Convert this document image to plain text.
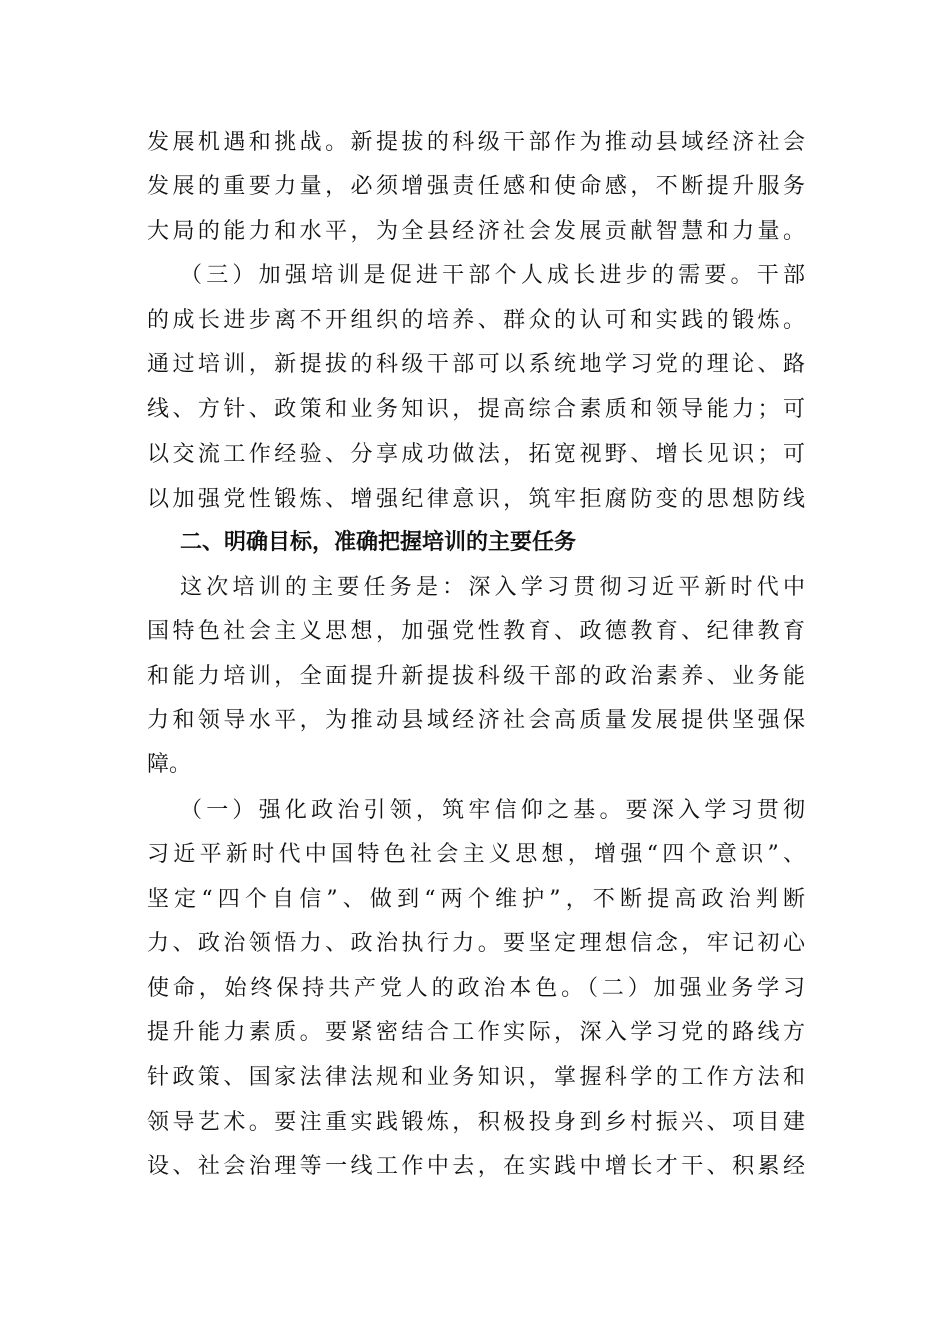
发展机遇和挑战。新提拔的科级干部作为推动县域经济社会
发展的重要力量，必须增强责任感和使命感，不断提升服务
大局的能力和水平，为全县经济社会发展贡献智慧和力量。
（三）加强培训是促进干部个人成长进步的需要。干部
的成长进步离不开组织的培养、群众的认可和实践的锻炼。
通过培训，新提拔的科级干部可以系统地学习党的理论、路
线、方针、政策和业务知识，提高综合素质和领导能力；可
以交流工作经验、分享成功做法，拓宽视野、增长见识；可
以加强党性锻炼、增强纪律意识，筑牢拒腐防变的思想防线
二、明确目标，准确把握培训的主要任务
这次培训的主要任务是：深入学习贯彻习近平新时代中
国特色社会主义思想，加强党性教育、政德教育、纪律教育
和能力培训，全面提升新提拔科级干部的政治素养、业务能
力和领导水平，为推动县域经济社会高质量发展提供坚强保
障。
（一）强化政治引领，筑牢信仰之基。要深入学习贯彻
习近平新时代中国特色社会主义思想，增强“四个意识”、
坚定“四个自信”、做到“两个维护”，不断提高政治判断
力、政治领悟力、政治执行力。要坚定理想信念，牢记初心
使命，始终保持共产党人的政治本色。（二）加强业务学习
提升能力素质。要紧密结合工作实际，深入学习党的路线方
针政策、国家法律法规和业务知识，掌握科学的工作方法和
领导艺术。要注重实践锻炼，积极投身到乡村振兴、项目建
设、社会治理等一线工作中去，在实践中增长才干、积累经
